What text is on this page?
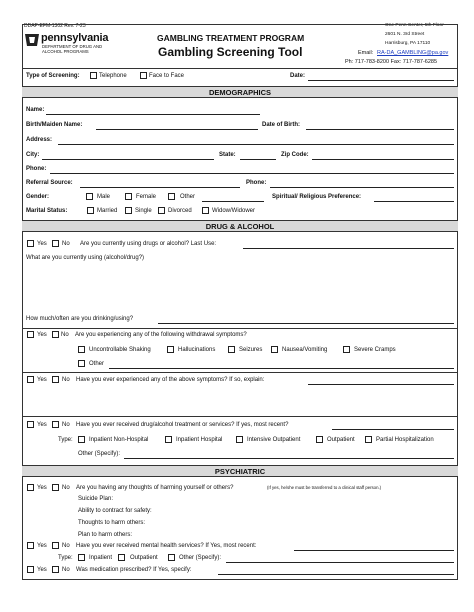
DDAP-EFM-1302 Rev. 7-23
pennsylvania
DEPARTMENT OF DRUG AND
ALCOHOL PROGRAMS
GAMBLING TREATMENT PROGRAM
Gambling Screening Tool
One Penn Center, 5th Floor
2601 N. 3rd Street
Harrisburg, PA 17110
Email: RA-DA_GAMBLING@pa.gov
Ph: 717-783-8200 Fax: 717-787-6285
Type of Screening:	Telephone	Face to Face	Date:
DEMOGRAPHICS
Name:
Birth/Maiden Name:	Date of Birth:
Address:
City:	State:	Zip Code:
Phone:
Referral Source:	Phone:
Gender:	Male	Female	Other	Spiritual/ Religious Preference:
Marital Status:	Married	Single	Divorced	Widow/Widower
DRUG & ALCOHOL
Yes	No Are you currently using drugs or alcohol? Last Use:
What are you currently using (alcohol/drug?)
How much/often are you drinking/using?
Yes No Are you experiencing any of the following withdrawal symptoms?
Uncontrollable Shaking	Hallucinations	Seizures	Nausea/Vomiting	Severe Cramps
Other
Yes	No Have you ever experienced any of the above symptoms? If so, explain:
Yes	No Have you ever received drug/alcohol treatment or services? If yes, most recent?
Type:	Inpatient Non-Hospital	Inpatient Hospital	Intensive Outpatient	Outpatient	Partial Hospitalization
Other (Specify):
PSYCHIATRIC
Yes	No Are you having any thoughts of harming yourself or others?	(If yes, he/she must be transferred to a clinical staff person.)
Suicide Plan:
Ability to contract for safety:
Thoughts to harm others:
Plan to harm others:
Yes	No Have you ever received mental health services? If Yes, most recent:
Type:	Inpatient	Outpatient	Other (Specify):
Yes	No Was medication prescribed? If Yes, specify:
